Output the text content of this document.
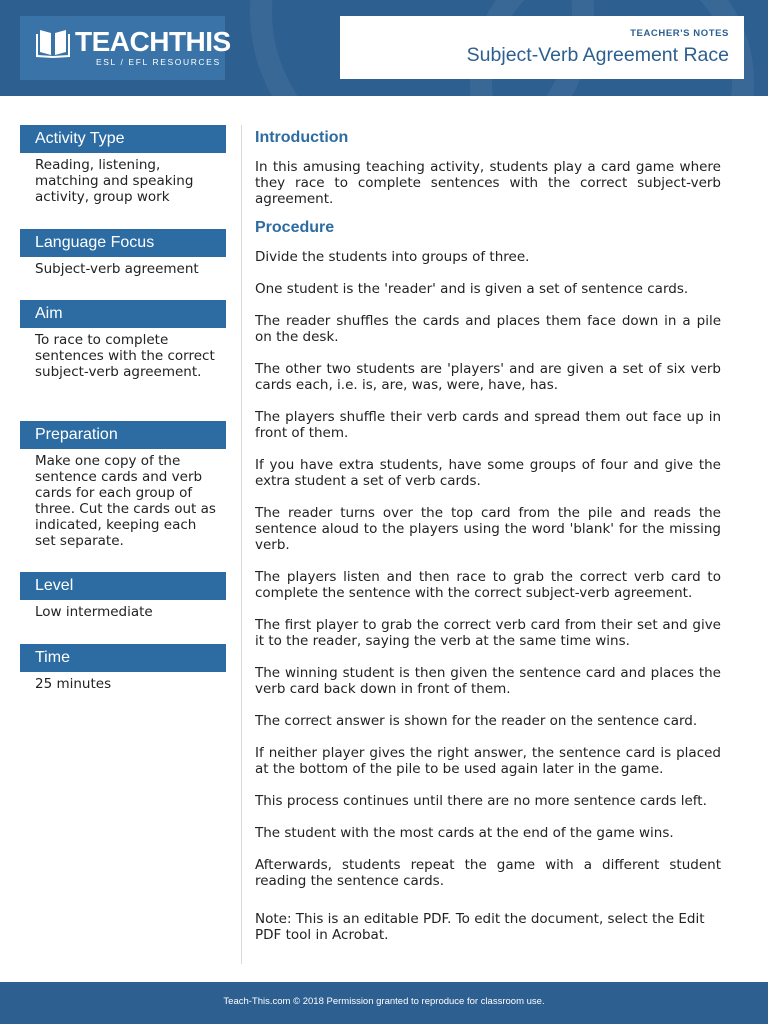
TEACHTHIS
ESL / EFL RESOURCES
TEACHER'S NOTES
Subject-Verb Agreement Race
Activity Type
Reading, listening, matching and speaking activity, group work
Language Focus
Subject-verb agreement
Aim
To race to complete sentences with the correct subject-verb agreement.
Preparation
Make one copy of the sentence cards and verb cards for each group of three. Cut the cards out as indicated, keeping each set separate.
Level
Low intermediate
Time
25 minutes
Introduction

In this amusing teaching activity, students play a card game where they race to complete sentences with the correct subject-verb agreement.

Procedure

Divide the students into groups of three.

One student is the 'reader' and is given a set of sentence cards.

The reader shuffles the cards and places them face down in a pile on the desk.

The other two students are 'players' and are given a set of six verb cards each, i.e. is, are, was, were, have, has.

The players shuffle their verb cards and spread them out face up in front of them.

If you have extra students, have some groups of four and give the extra student a set of verb cards.

The reader turns over the top card from the pile and reads the sentence aloud to the players using the word 'blank' for the missing verb.

The players listen and then race to grab the correct verb card to complete the sentence with the correct subject-verb agreement.

The first player to grab the correct verb card from their set and give it to the reader, saying the verb at the same time wins.

The winning student is then given the sentence card and places the verb card back down in front of them.

The correct answer is shown for the reader on the sentence card.

If neither player gives the right answer, the sentence card is placed at the bottom of the pile to be used again later in the game.

This process continues until there are no more sentence cards left.

The student with the most cards at the end of the game wins.

Afterwards, students repeat the game with a different student reading the sentence cards.

Note: This is an editable PDF. To edit the document, select the Edit PDF tool in Acrobat.

Teach-This.com © 2018 Permission granted to reproduce for classroom use.
